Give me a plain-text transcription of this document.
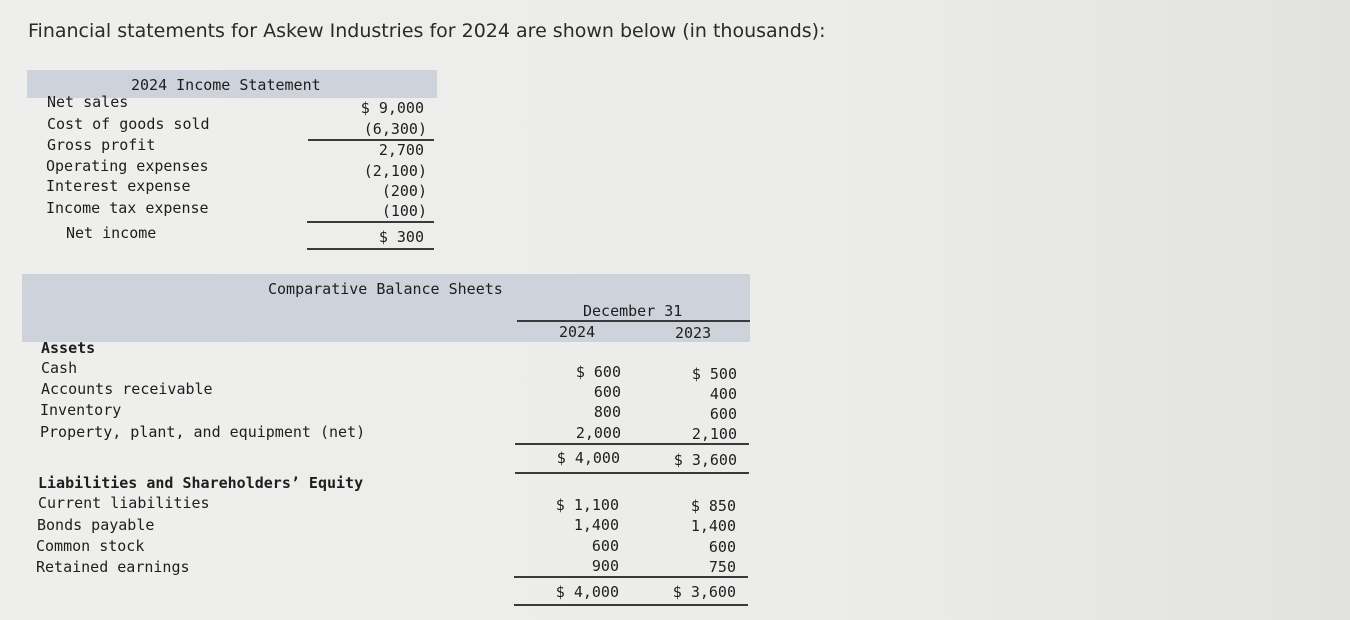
Financial statements for Askew Industries for 2024 are shown below (in thousands):
2024 Income Statement
Net sales	$ 9,000
Cost of goods sold	(6,300)
Gross profit	2,700
Operating expenses	(2,100)
Interest expense	(200)
Income tax expense	(100)
Net income	$ 300
Comparative Balance Sheets
December 31
2024	2023
Assets
Cash	$ 600	$ 500
Accounts receivable	600	400
Inventory	800	600
Property, plant, and equipment (net)	2,000	2,100
$ 4,000	$ 3,600
Liabilities and Shareholders’ Equity
Current liabilities	$ 1,100	$ 850
Bonds payable	1,400	1,400
Common stock	600	600
Retained earnings	900	750
$ 4,000	$ 3,600
